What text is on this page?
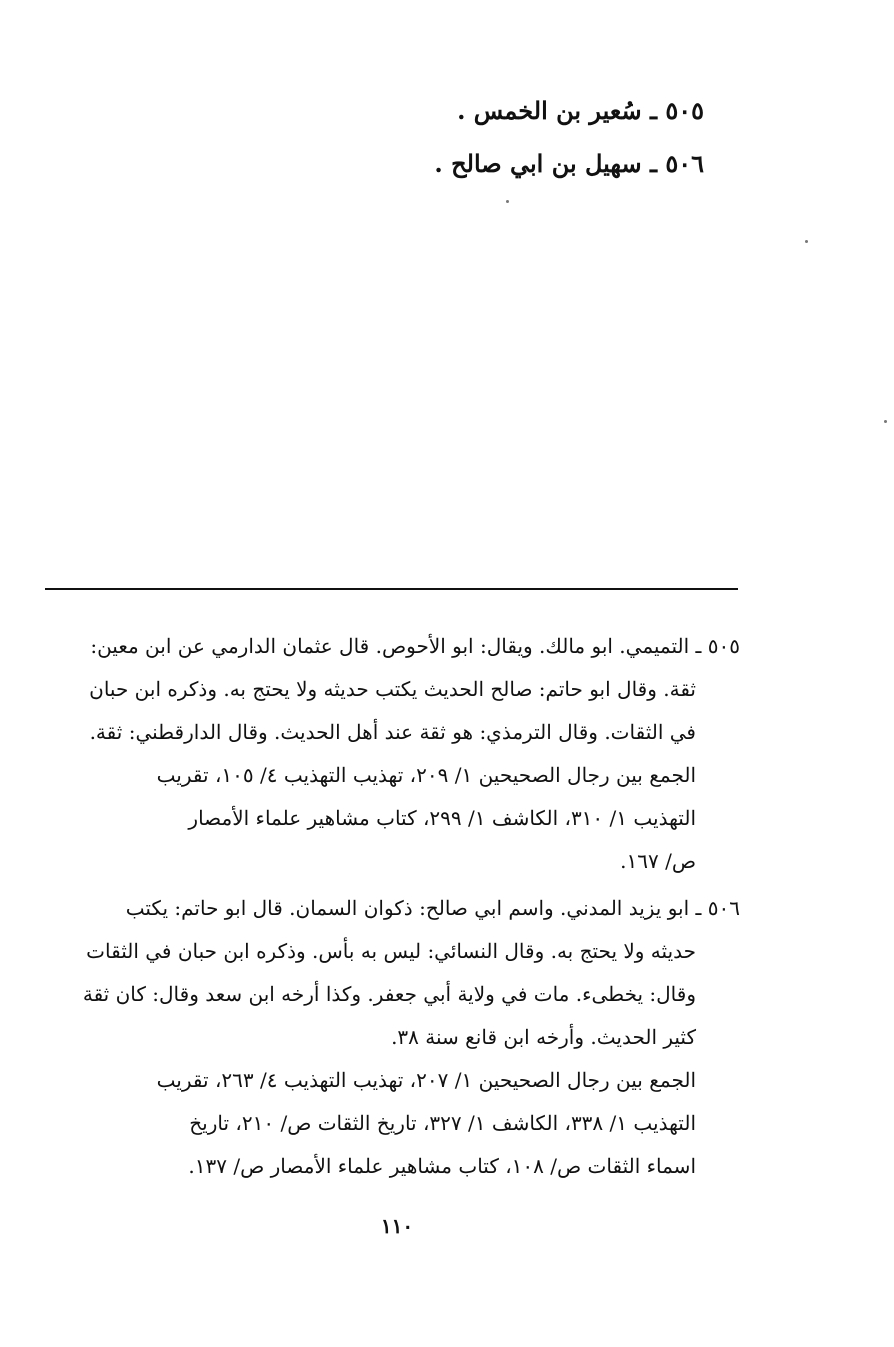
٥٠٥ ـ سُعير بن الخمس .
٥٠٦ ـ سهيل بن ابي صالح .
٥٠٥ ـ التميمي. ابو مالك. ويقال: ابو الأحوص. قال عثمان الدارمي عن ابن معين:
ثقة. وقال ابو حاتم: صالح الحديث يكتب حديثه ولا يحتج به. وذكره ابن حبان
في الثقات. وقال الترمذي: هو ثقة عند أهل الحديث. وقال الدارقطني: ثقة.
الجمع بين رجال الصحيحين ١/ ٢٠٩، تهذيب التهذيب ٤/ ١٠٥، تقريب
التهذيب ١/ ٣١٠، الكاشف ١/ ٢٩٩، كتاب مشاهير علماء الأمصار
ص/ ١٦٧.
٥٠٦ ـ ابو يزيد المدني. واسم ابي صالح: ذكوان السمان. قال ابو حاتم: يكتب
حديثه ولا يحتج به. وقال النسائي: ليس به بأس. وذكره ابن حبان في الثقات
وقال: يخطىء. مات في ولاية أبي جعفر. وكذا أرخه ابن سعد وقال: كان ثقة
كثير الحديث. وأرخه ابن قانع سنة ٣٨.
الجمع بين رجال الصحيحين ١/ ٢٠٧، تهذيب التهذيب ٤/ ٢٦٣، تقريب
التهذيب ١/ ٣٣٨، الكاشف ١/ ٣٢٧، تاريخ الثقات ص/ ٢١٠، تاريخ
اسماء الثقات ص/ ١٠٨، كتاب مشاهير علماء الأمصار ص/ ١٣٧.
١١٠
